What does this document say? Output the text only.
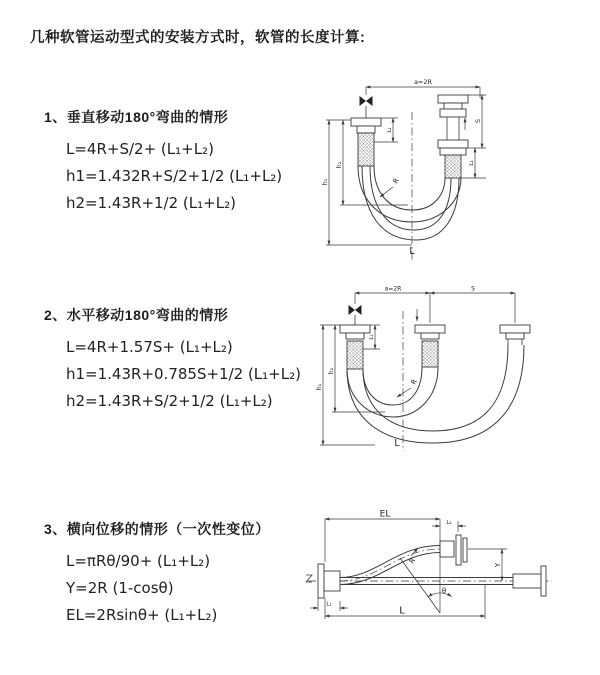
几种软管运动型式的安装方式时，软管的长度计算:
1、垂直移动180°弯曲的情形
L=4R+S/2+ (L₁+L₂)
h1=1.432R+S/2+1/2 (L₁+L₂)
h2=1.43R+1/2 (L₁+L₂)
2、水平移动180°弯曲的情形
L=4R+1.57S+ (L₁+L₂)
h1=1.43R+0.785S+1/2 (L₁+L₂)
h2=1.43R+S/2+1/2 (L₁+L₂)
3、横向位移的情形（一次性变位）
L=πRθ/90+ (L₁+L₂)
Y=2R (1-cosθ)
EL=2Rsinθ+ (L₁+L₂)
a=2R
h₁
h₂
L₁
S
L₂
R
L
a=2R	S
L₁
h₁
h₂
R
L
EL
L₂
Y
θ
R
L₁
L
